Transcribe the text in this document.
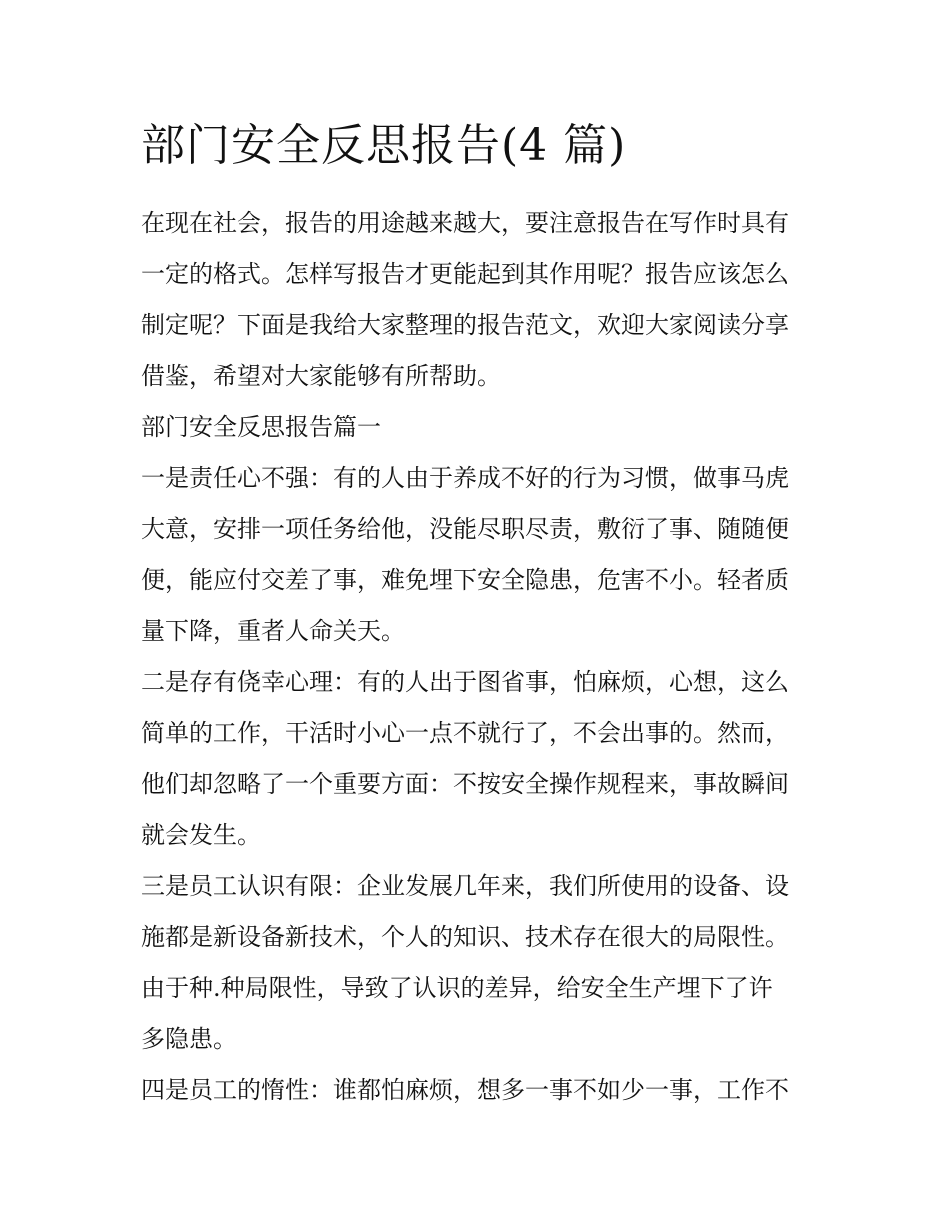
部门安全反思报告(4 篇)

在现在社会，报告的用途越来越大，要注意报告在写作时具有

一定的格式。怎样写报告才更能起到其作用呢？报告应该怎么

制定呢？下面是我给大家整理的报告范文，欢迎大家阅读分享

借鉴，希望对大家能够有所帮助。

部门安全反思报告篇一

一是责任心不强：有的人由于养成不好的行为习惯，做事马虎

大意，安排一项任务给他，没能尽职尽责，敷衍了事、随随便

便，能应付交差了事，难免埋下安全隐患，危害不小。轻者质

量下降，重者人命关天。

二是存有侥幸心理：有的人出于图省事，怕麻烦，心想，这么

简单的工作，干活时小心一点不就行了，不会出事的。然而，

他们却忽略了一个重要方面：不按安全操作规程来，事故瞬间

就会发生。

三是员工认识有限：企业发展几年来，我们所使用的设备、设

施都是新设备新技术，个人的知识、技术存在很大的局限性。

由于种.种局限性，导致了认识的差异，给安全生产埋下了许

多隐患。

四是员工的惰性：谁都怕麻烦，想多一事不如少一事，工作不
